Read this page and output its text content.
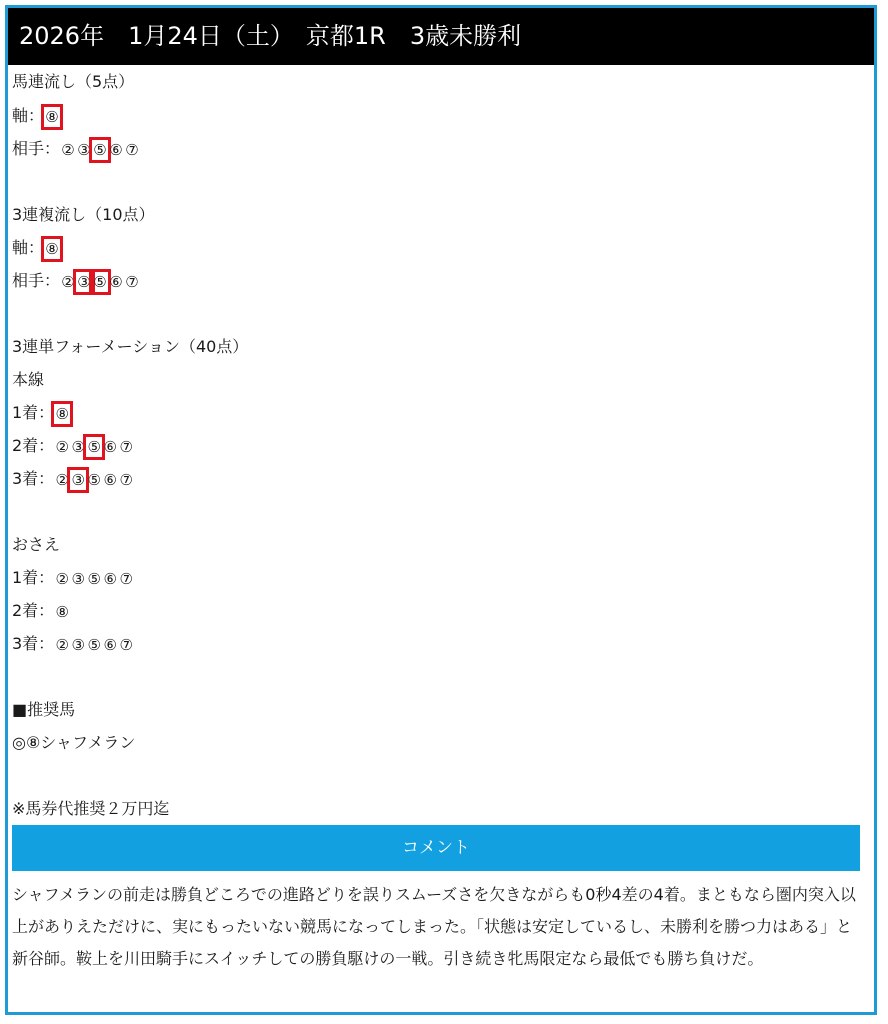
2026年　1月24日（土）　京都1R　3歳未勝利
馬連流し（5点）
軸：⑧
相手：② ③ ⑤ ⑥ ⑦
3連複流し（10点）
軸：⑧
相手：② ③ ⑤ ⑥ ⑦
3連単フォーメーション（40点）
本線
1着：⑧
2着：② ③ ⑤ ⑥ ⑦
3着：② ③ ⑤ ⑥ ⑦
おさえ
1着：② ③ ⑤ ⑥ ⑦
2着：⑧
3着：② ③ ⑤ ⑥ ⑦
■推奨馬
◎⑧シャフメラン
※馬券代推奨２万円迄
コメント
シャフメランの前走は勝負どころでの進路どりを誤りスムーズさを欠きながらも0秒4差の4着。まともなら圏内突入以上がありえただけに、実にもったいない競馬になってしまった。「状態は安定しているし、未勝利を勝つ力はある」と新谷師。鞍上を川田騎手にスイッチしての勝負駆けの一戦。引き続き牝馬限定なら最低でも勝ち負けだ。
